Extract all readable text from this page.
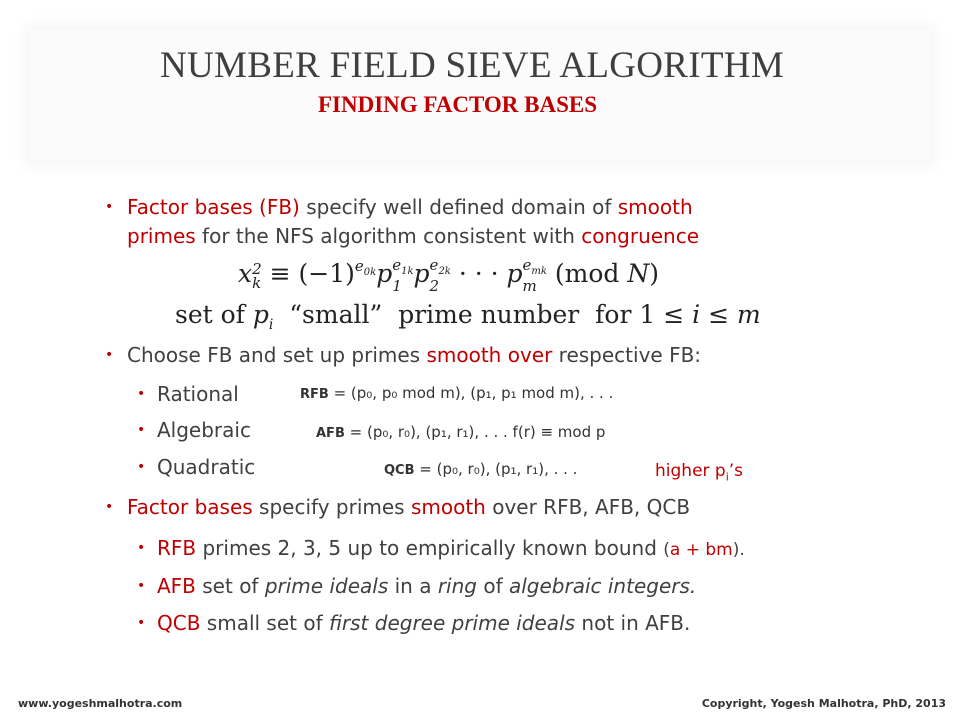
NUMBER FIELD SIEVE ALGORITHM
FINDING FACTOR BASES
• Factor bases (FB) specify well defined domain of smooth
primes for the NFS algorithm consistent with congruence
x 2
$k \equiv (-1)^{e_{0k}}p$ $e_{1k}$
1 p $e_{2k}$
2 · · · p $e_{mk}$
m (mod N)
set of $p_i$ “small” prime number for 1 ≤ i ≤ m
• Choose FB and set up primes smooth over respective FB:
• Rational	RFB = (p₀, p₀ mod m), (p₁, p₁ mod m), . . .
• Algebraic	AFB = (p₀, r₀), (p₁, r₁), . . . f(r) ≡ mod p
• Quadratic	QCB = (p₀, r₀), (p₁, r₁), . . .	higher $p_i’s$
• Factor bases specify primes smooth over RFB, AFB, QCB
• RFB primes 2, 3, 5 up to empirically known bound (a + bm).
• AFB set of prime ideals in a ring of algebraic integers.
• QCB small set of first degree prime ideals not in AFB.
www.yogeshmalhotra.com	Copyright, Yogesh Malhotra, PhD, 2013
